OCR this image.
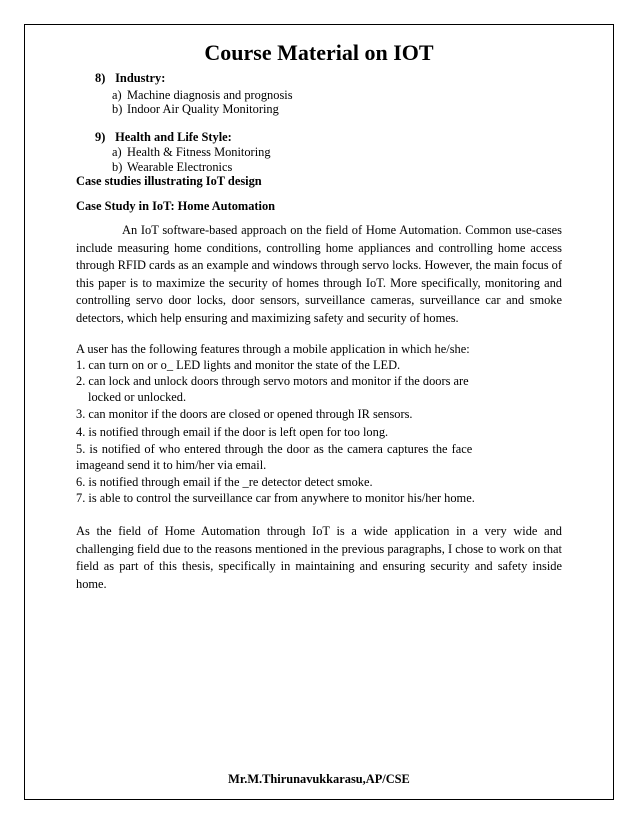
Course Material on IOT
8) Industry:
a) Machine diagnosis and prognosis
b) Indoor Air Quality Monitoring
9) Health and Life Style:
a) Health & Fitness Monitoring
b) Wearable Electronics
Case studies illustrating IoT design
Case Study in IoT: Home Automation
An IoT software-based approach on the field of Home Automation. Common use-cases include measuring home conditions, controlling home appliances and controlling home access through RFID cards as an example and windows through servo locks. However, the main focus of this paper is to maximize the security of homes through IoT. More specifically, monitoring and controlling servo door locks, door sensors, surveillance cameras, surveillance car and smoke detectors, which help ensuring and maximizing safety and security of homes.
A user has the following features through a mobile application in which he/she:
1. can turn on or o_ LED lights and monitor the state of the LED.
2. can lock and unlock doors through servo motors and monitor if the doors are
locked or unlocked.
3. can monitor if the doors are closed or opened through IR sensors.
4. is notified through email if the door is left open for too long.
5. is notified of who entered through the door as the camera captures the face
imageand send it to him/her via email.
6. is notified through email if the _re detector detect smoke.
7. is able to control the surveillance car from anywhere to monitor his/her home.
As the field of Home Automation through IoT is a wide application in a very wide and challenging field due to the reasons mentioned in the previous paragraphs, I chose to work on that field as part of this thesis, specifically in maintaining and ensuring security and safety inside home.
Mr.M.Thirunavukkarasu,AP/CSE
